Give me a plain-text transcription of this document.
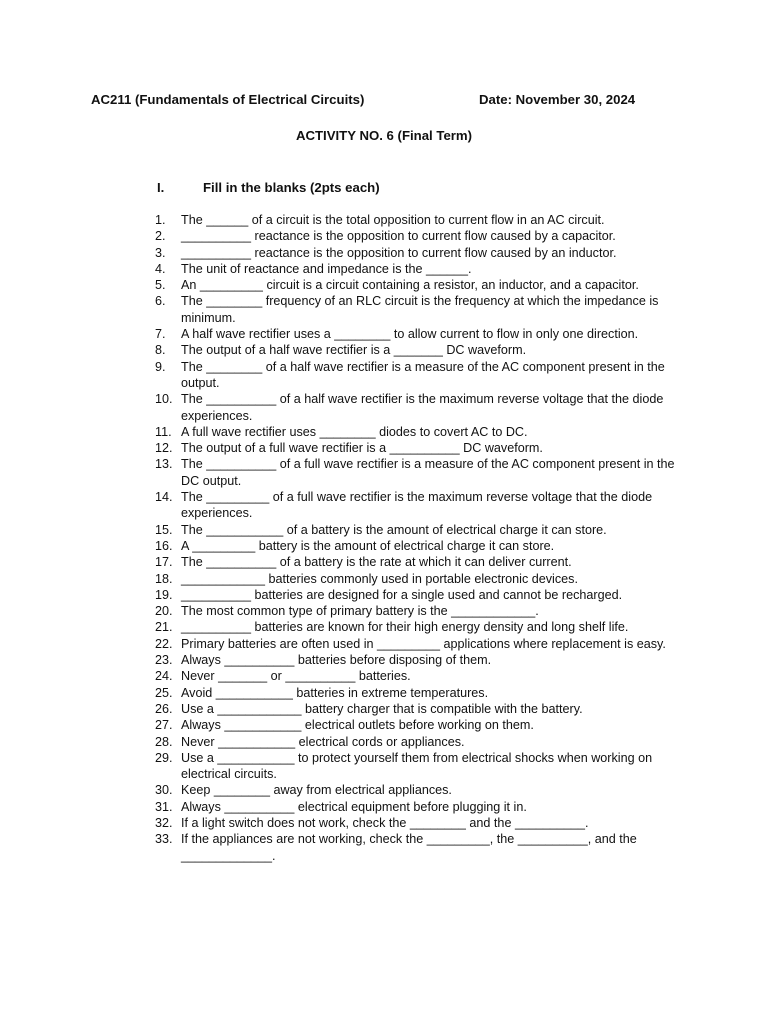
AC211 (Fundamentals of Electrical Circuits)	Date: November 30, 2024
ACTIVITY NO. 6 (Final Term)
I.	Fill in the blanks (2pts each)
1.	The ______ of a circuit is the total opposition to current flow in an AC circuit.
2.	__________ reactance is the opposition to current flow caused by a capacitor.
3.	__________ reactance is the opposition to current flow caused by an inductor.
4.	The unit of reactance and impedance is the ______.
5.	An _________ circuit is a circuit containing a resistor, an inductor, and a capacitor.
6.	The ________ frequency of an RLC circuit is the frequency at which the impedance is minimum.
7.	A half wave rectifier uses a ________ to allow current to flow in only one direction.
8.	The output of a half wave rectifier is a _______ DC waveform.
9.	The ________ of a half wave rectifier is a measure of the AC component present in the output.
10. The __________ of a half wave rectifier is the maximum reverse voltage that the diode experiences.
11. A full wave rectifier uses ________ diodes to covert AC to DC.
12. The output of a full wave rectifier is a __________ DC waveform.
13. The __________ of a full wave rectifier is a measure of the AC component present in the DC output.
14. The _________ of a full wave rectifier is the maximum reverse voltage that the diode experiences.
15. The ___________ of a battery is the amount of electrical charge it can store.
16. A _________ battery is the amount of electrical charge it can store.
17. The __________ of a battery is the rate at which it can deliver current.
18. ____________ batteries commonly used in portable electronic devices.
19. __________ batteries are designed for a single used and cannot be recharged.
20. The most common type of primary battery is the ____________.
21. __________ batteries are known for their high energy density and long shelf life.
22. Primary batteries are often used in _________ applications where replacement is easy.
23. Always __________ batteries before disposing of them.
24. Never _______ or __________ batteries.
25. Avoid ___________ batteries in extreme temperatures.
26. Use a ____________ battery charger that is compatible with the battery.
27. Always ___________ electrical outlets before working on them.
28. Never ___________ electrical cords or appliances.
29. Use a ___________ to protect yourself them from electrical shocks when working on electrical circuits.
30. Keep ________ away from electrical appliances.
31. Always __________ electrical equipment before plugging it in.
32. If a light switch does not work, check the ________ and the __________.
33. If the appliances are not working, check the _________, the __________, and the _____________.
